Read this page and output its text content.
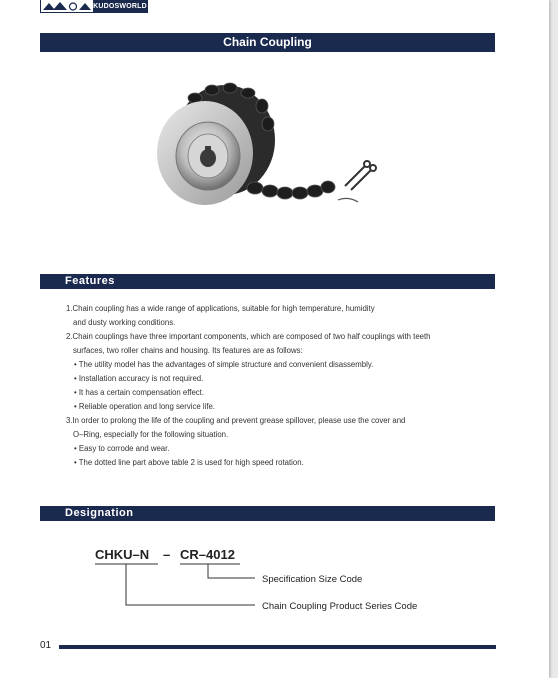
KUDOSWORLD
Chain Coupling
Features

1.Chain coupling has a wide range of applications, suitable for high temperature, humidity

and dusty working conditions.

2.Chain couplings have three important components, which are composed of two half couplings with teeth

surfaces, two roller chains and housing. Its features are as follows:

• The utility model has the advantages of simple structure and convenient disassembly.

• Installation accuracy is not required.

• It has a certain compensation effect.

• Reliable operation and long service life.

3.In order to prolong the life of the coupling and prevent grease spillover, please use the cover and

O–Ring, especially for the following situation.

• Easy to corrode and wear.

• The dotted line part above table 2 is used for high speed rotation.

Designation
CHKU–N – CR–4012
Specification Size Code
Chain Coupling Product Series Code
01
